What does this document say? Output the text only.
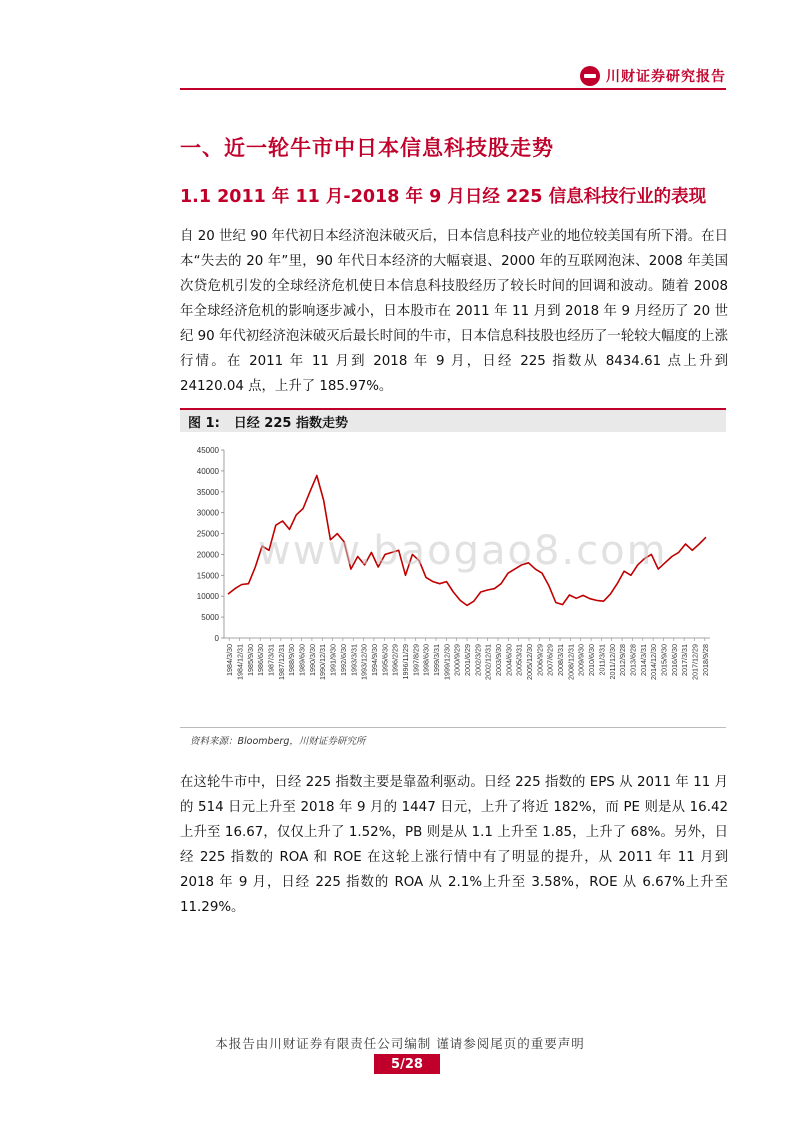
川财证券研究报告
一、近一轮牛市中日本信息科技股走势
1.1 2011 年 11 月-2018 年 9 月日经 225 信息科技行业的表现
自 20 世纪 90 年代初日本经济泡沫破灭后，日本信息科技产业的地位较美国有所下滑。在日本“失去的 20 年”里，90 年代日本经济的大幅衰退、2000 年的互联网泡沫、2008 年美国次贷危机引发的全球经济危机使日本信息科技股经历了较长时间的回调和波动。随着 2008 年全球经济危机的影响逐步减小，日本股市在 2011 年 11 月到 2018 年 9 月经历了 20 世纪 90 年代初经济泡沫破灭后最长时间的牛市，日本信息科技股也经历了一轮较大幅度的上涨行情。在 2011 年 11 月到 2018 年 9 月，日经 225 指数从 8434.61 点上升到 24120.04 点，上升了 185.97%。
图 1: 日经 225 指数走势
0
5000
10000
15000
20000
25000
30000
35000
40000
45000
1984/3/30 1984/12/31 1985/9/30 1986/6/30 1987/3/31 1987/12/31 1988/9/30 1989/6/30 1990/3/30 1990/12/31 1991/9/30 1992/6/30 1993/3/31 1993/12/30 1994/9/30 1995/6/30 1996/2/29 1996/11/29 1997/8/29 1998/6/30 1999/3/31 1999/12/30 2000/9/29 2001/6/29 2002/3/29 2002/12/31 2003/9/30 2004/6/30 2005/3/31 2005/12/30 2006/9/29 2007/6/29 2008/3/31 2008/12/31 2009/9/30 2010/6/30 2011/3/31 2011/12/30 2012/9/28 2013/6/28 2014/3/31 2014/12/30 2015/9/30 2016/6/30 2017/3/31 2017/12/29 2018/9/28
www.baogao8.com
资料来源：Bloomberg，川财证券研究所
在这轮牛市中，日经 225 指数主要是靠盈利驱动。日经 225 指数的 EPS 从 2011 年 11 月的 514 日元上升至 2018 年 9 月的 1447 日元，上升了将近 182%，而 PE 则是从 16.42 上升至 16.67，仅仅上升了 1.52%，PB 则是从 1.1 上升至 1.85，上升了 68%。另外，日经 225 指数的 ROA 和 ROE 在这轮上涨行情中有了明显的提升，从 2011 年 11 月到 2018 年 9 月，日经 225 指数的 ROA 从 2.1%上升至 3.58%，ROE 从 6.67%上升至 11.29%。
本报告由川财证券有限责任公司编制 谨请参阅尾页的重要声明
5/28
